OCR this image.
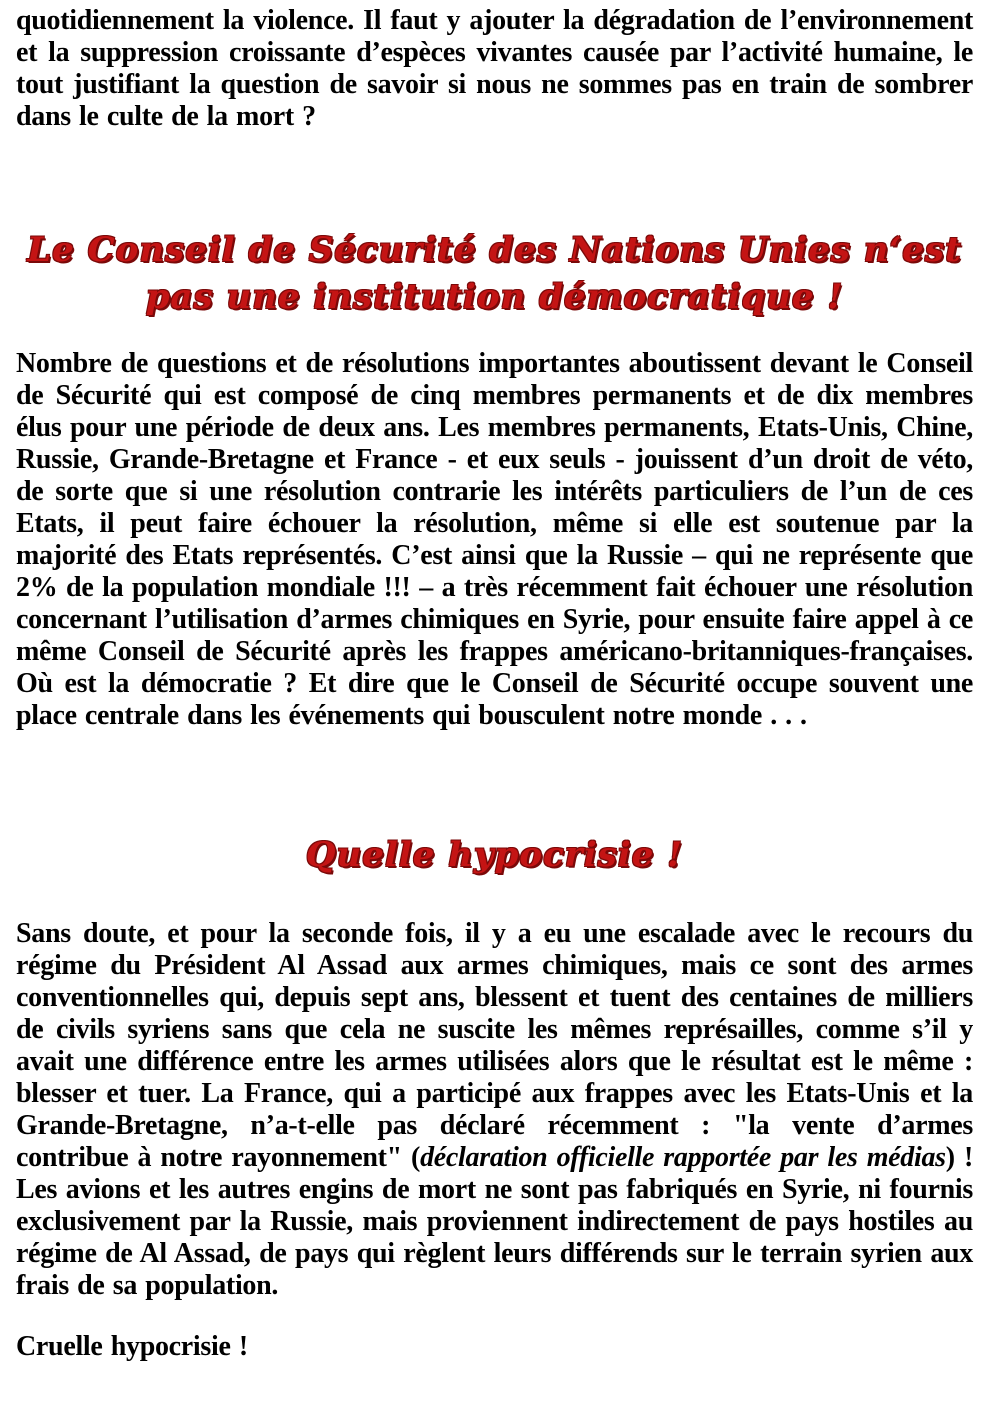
quotidiennement la violence. Il faut y ajouter la dégradation de l’environnement et la suppression croissante d’espèces vivantes causée par l’activité humaine, le tout justifiant la question de savoir si nous ne sommes pas en train de sombrer dans le culte de la mort ?

Le Conseil de Sécurité des Nations Unies n‘est pas une institution démocratique !

Nombre de questions et de résolutions importantes aboutissent devant le Conseil de Sécurité qui est composé de cinq membres permanents et de dix membres élus pour une période de deux ans. Les membres permanents, Etats-Unis, Chine, Russie, Grande-Bretagne et France - et eux seuls - jouissent d’un droit de véto, de sorte que si une résolution contrarie les intérêts particuliers de l’un de ces Etats, il peut faire échouer la résolution, même si elle est soutenue par la majorité des Etats représentés. C’est ainsi que la Russie – qui ne représente que 2% de la population mondiale !!! – a très récemment fait échouer une résolution concernant l’utilisation d’armes chimiques en Syrie, pour ensuite faire appel à ce même Conseil de Sécurité après les frappes américano-britanniques-françaises. Où est la démocratie ? Et dire que le Conseil de Sécurité occupe souvent une place centrale dans les événements qui bousculent notre monde . . .

Quelle hypocrisie !

Sans doute, et pour la seconde fois, il y a eu une escalade avec le recours du régime du Président Al Assad aux armes chimiques, mais ce sont des armes conventionnelles qui, depuis sept ans, blessent et tuent des centaines de milliers de civils syriens sans que cela ne suscite les mêmes représailles, comme s’il y avait une différence entre les armes utilisées alors que le résultat est le même : blesser et tuer. La France, qui a participé aux frappes avec les Etats-Unis et la Grande-Bretagne, n’a-t-elle pas déclaré récemment : "la vente d’armes contribue à notre rayonnement" (déclaration officielle rapportée par les médias) ! Les avions et les autres engins de mort ne sont pas fabriqués en Syrie, ni fournis exclusivement par la Russie, mais proviennent indirectement de pays hostiles au régime de Al Assad, de pays qui règlent leurs différends sur le terrain syrien aux frais de sa population.

Cruelle hypocrisie !
